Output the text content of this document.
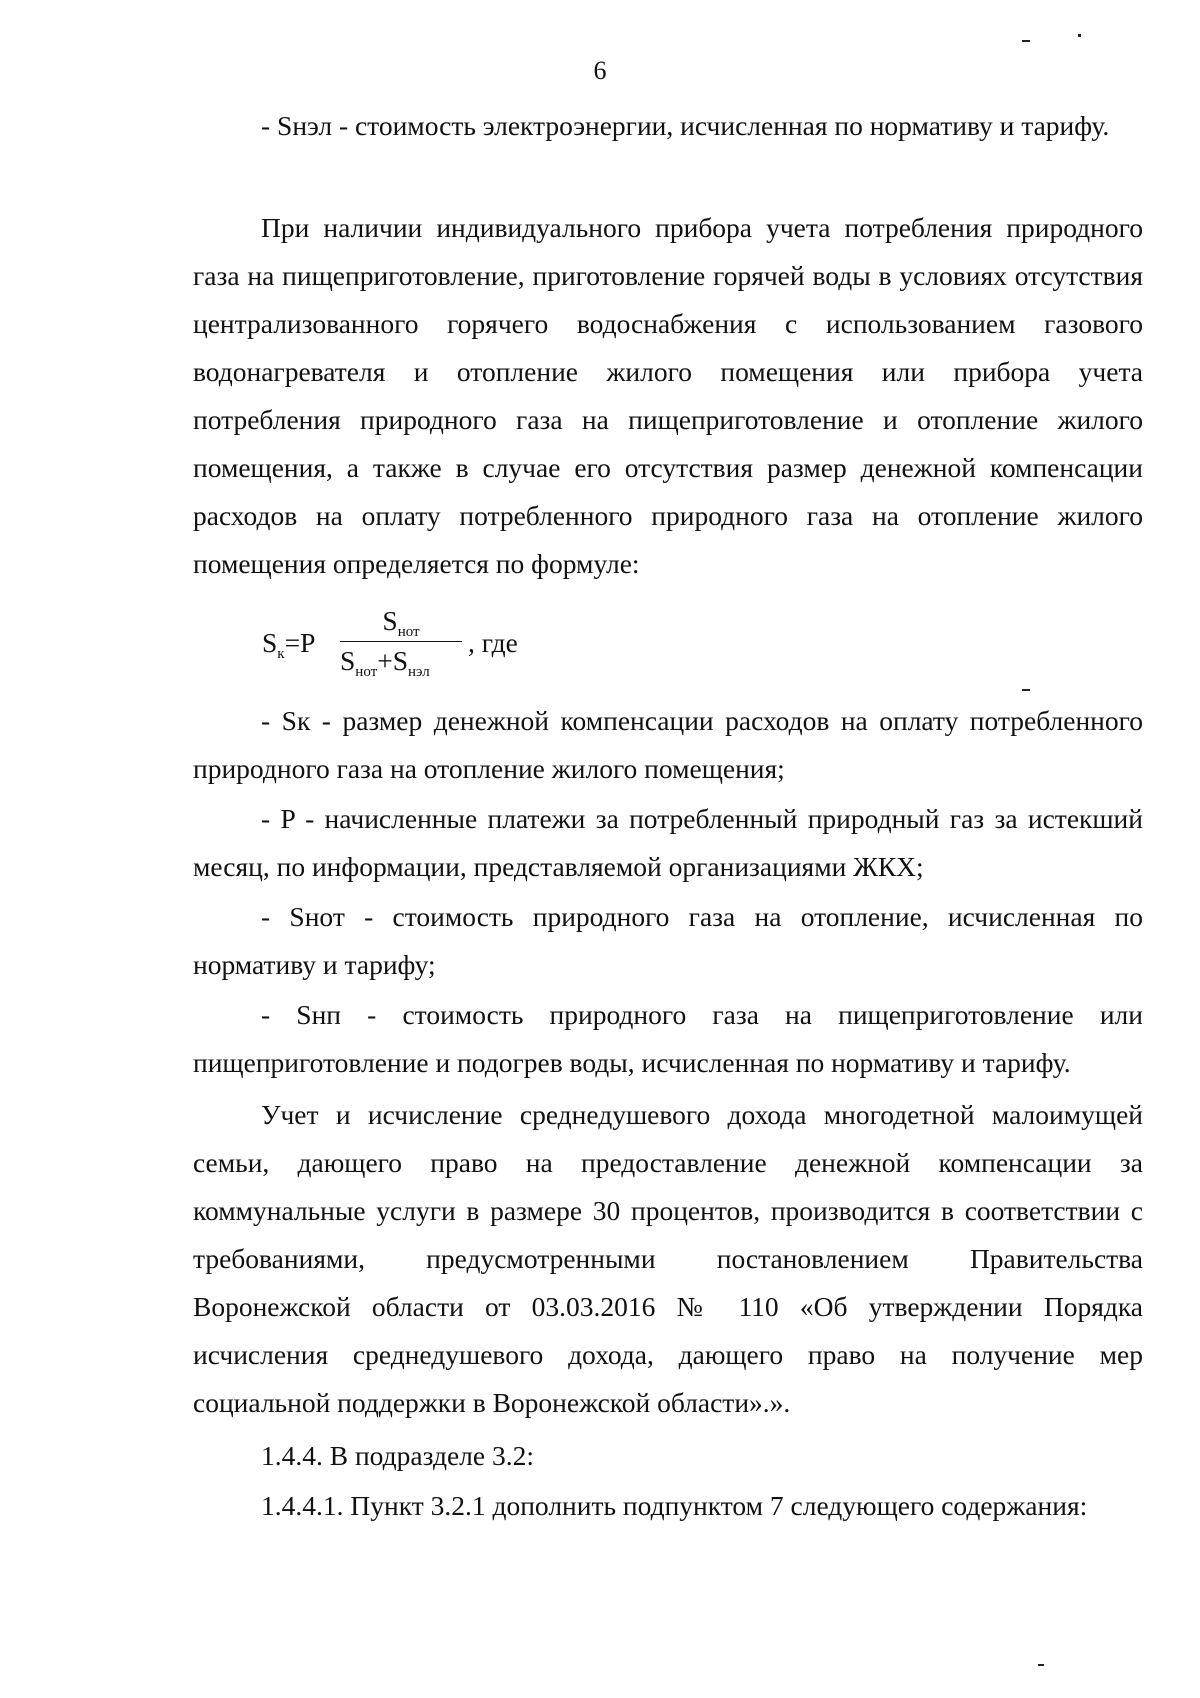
6

- Sнэл - стоимость электроэнергии, исчисленная по нормативу и тарифу.

При наличии индивидуального прибора учета потребления природного газа на пищеприготовление, приготовление горячей воды в условиях отсутствия централизованного горячего водоснабжения с использованием газового водонагревателя и отопление жилого помещения или прибора учета потребления природного газа на пищеприготовление и отопление жилого помещения, а также в случае его отсутствия размер денежной компенсации расходов на оплату потребленного природного газа на отопление жилого помещения определяется по формуле:

$S_к=P$
$S_{нот}$
$S_{нот}+S_{нэл}$
, где

- Sк - размер денежной компенсации расходов на оплату потребленного природного газа на отопление жилого помещения;

- P - начисленные платежи за потребленный природный газ за истекший месяц, по информации, представляемой организациями ЖКХ;

- Sнот - стоимость природного газа на отопление, исчисленная по нормативу и тарифу;

- Sнп - стоимость природного газа на пищеприготовление или пищеприготовление и подогрев воды, исчисленная по нормативу и тарифу.

Учет и исчисление среднедушевого дохода многодетной малоимущей семьи, дающего право на предоставление денежной компенсации за коммунальные услуги в размере 30 процентов, производится в соответствии с требованиями, предусмотренными постановлением Правительства Воронежской области от 03.03.2016 № 110 «Об утверждении Порядка исчисления среднедушевого дохода, дающего право на получение мер социальной поддержки в Воронежской области».».

1.4.4. В подразделе 3.2:

1.4.4.1. Пункт 3.2.1 дополнить подпунктом 7 следующего содержания:
